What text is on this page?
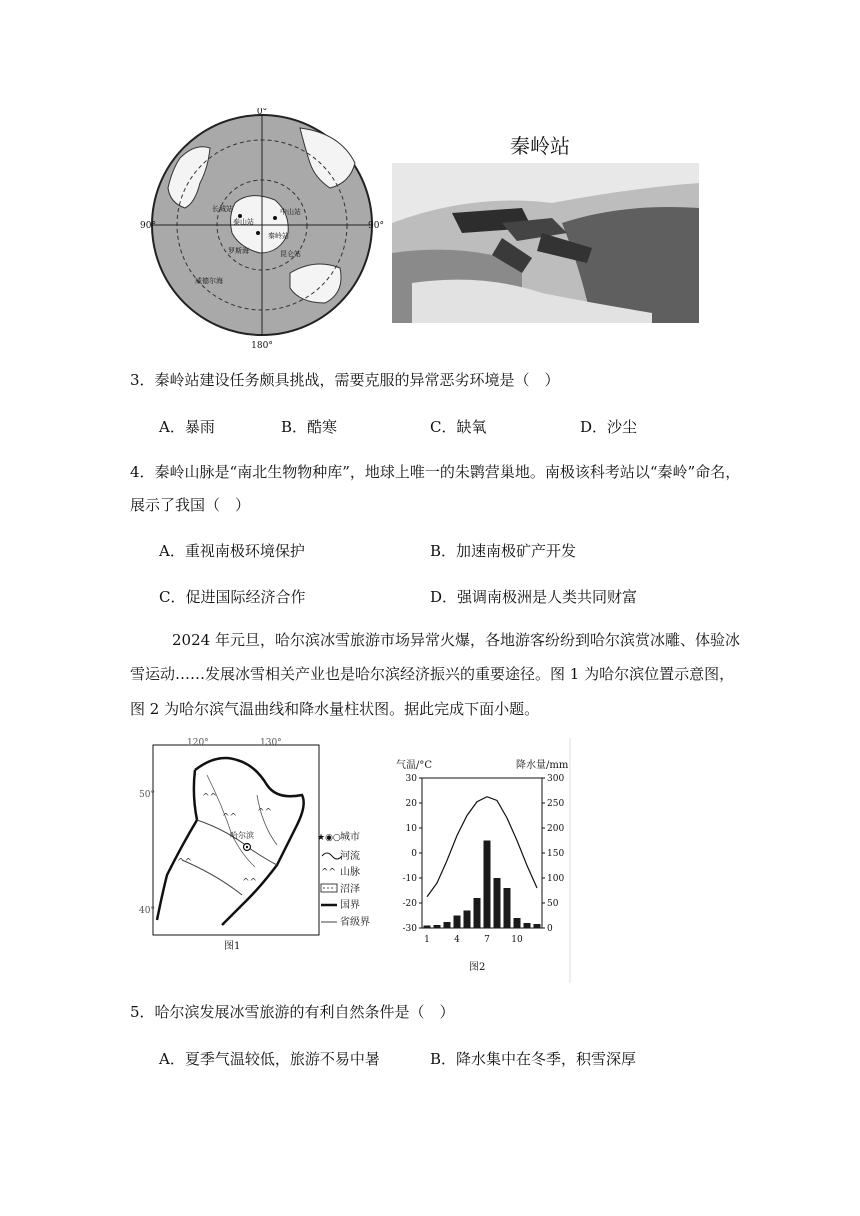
0°
180°
90°	90°
秦岭站
中山站
长城站
泰山站
昆仑站
罗斯海
威德尔海
秦岭站
3．秦岭站建设任务颇具挑战，需要克服的异常恶劣环境是（　）
A．暴雨	B．酷寒	C．缺氧	D．沙尘
4．秦岭山脉是“南北生物物种库”，地球上唯一的朱鹮营巢地。南极该科考站以“秦岭”命名，
展示了我国（　）
A．重视南极环境保护	B．加速南极矿产开发
C．促进国际经济合作	D．强调南极洲是人类共同财富
2024 年元旦，哈尔滨冰雪旅游市场异常火爆，各地游客纷纷到哈尔滨赏冰雕、体验冰
雪运动……发展冰雪相关产业也是哈尔滨经济振兴的重要途径。图 1 为哈尔滨位置示意图，
图 2 为哈尔滨气温曲线和降水量柱状图。据此完成下面小题。
120°	130°
50°
40°
^^
^^ ^^
^^
^^
哈尔滨	★◉○ 城市
河流
^^ 山脉
沼泽
国界
省级界
图1
气温/°C	降水量/mm
30
20
10
0
-10
-20
-30
300
250
200
150
100
50
0
1	4	7 10
图2
5．哈尔滨发展冰雪旅游的有利自然条件是（　）
A．夏季气温较低，旅游不易中暑	B．降水集中在冬季，积雪深厚
